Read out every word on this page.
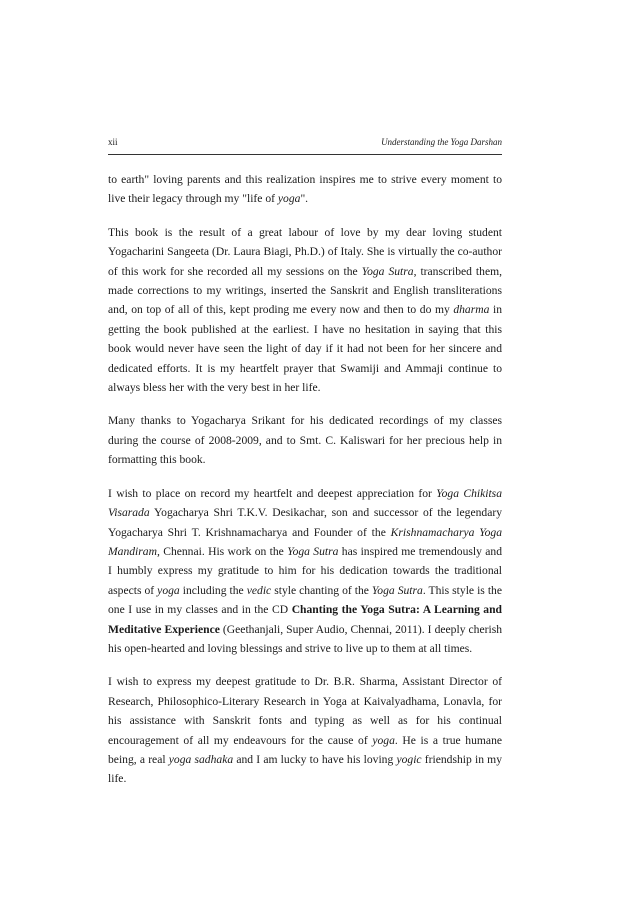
xii	Understanding the Yoga Darshan

to earth" loving parents and this realization inspires me to strive every moment to live their legacy through my "life of yoga".

This book is the result of a great labour of love by my dear loving student Yogacharini Sangeeta (Dr. Laura Biagi, Ph.D.) of Italy. She is virtually the co-author of this work for she recorded all my sessions on the Yoga Sutra, transcribed them, made corrections to my writings, inserted the Sanskrit and English transliterations and, on top of all of this, kept proding me every now and then to do my dharma in getting the book published at the earliest. I have no hesitation in saying that this book would never have seen the light of day if it had not been for her sincere and dedicated efforts. It is my heartfelt prayer that Swamiji and Ammaji continue to always bless her with the very best in her life.

Many thanks to Yogacharya Srikant for his dedicated recordings of my classes during the course of 2008-2009, and to Smt. C. Kaliswari for her precious help in formatting this book.

I wish to place on record my heartfelt and deepest appreciation for Yoga Chikitsa Visarada Yogacharya Shri T.K.V. Desikachar, son and successor of the legendary Yogacharya Shri T. Krishnamacharya and Founder of the Krishnamacharya Yoga Mandiram, Chennai. His work on the Yoga Sutra has inspired me tremendously and I humbly express my gratitude to him for his dedication towards the traditional aspects of yoga including the vedic style chanting of the Yoga Sutra. This style is the one I use in my classes and in the CD Chanting the Yoga Sutra: A Learning and Meditative Experience (Geethanjali, Super Audio, Chennai, 2011). I deeply cherish his open-hearted and loving blessings and strive to live up to them at all times.

I wish to express my deepest gratitude to Dr. B.R. Sharma, Assistant Director of Research, Philosophico-Literary Research in Yoga at Kaivalyadhama, Lonavla, for his assistance with Sanskrit fonts and typing as well as for his continual encouragement of all my endeavours for the cause of yoga. He is a true humane being, a real yoga sadhaka and I am lucky to have his loving yogic friendship in my life.
